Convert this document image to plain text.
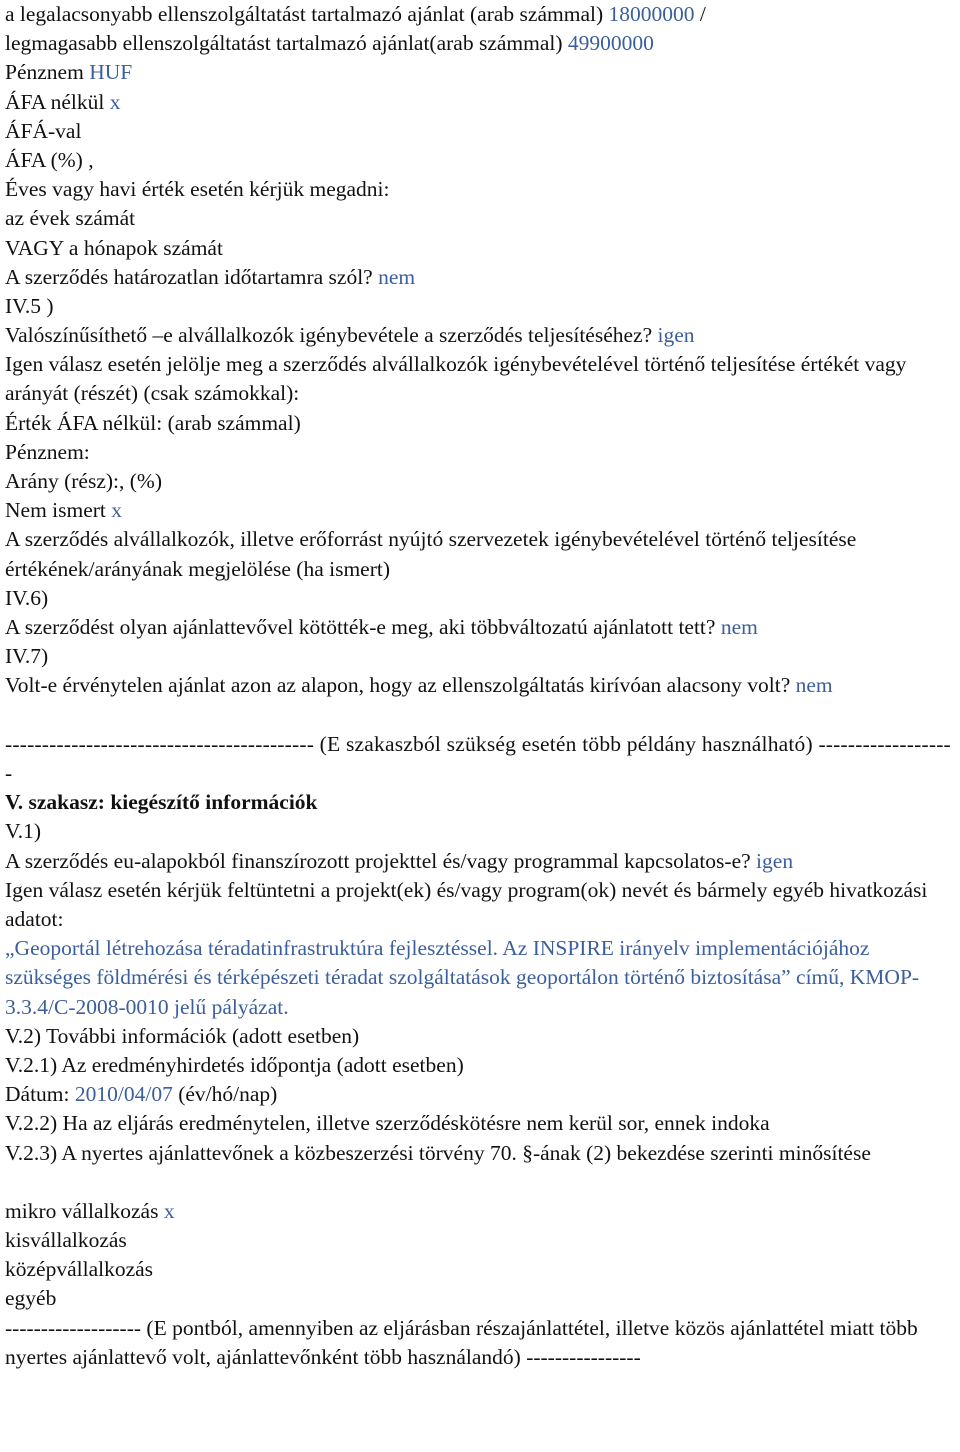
a legalacsonyabb ellenszolgáltatást tartalmazó ajánlat (arab számmal) 18000000 /
legmagasabb ellenszolgáltatást tartalmazó ajánlat(arab számmal) 49900000
Pénznem HUF
ÁFA nélkül x
ÁFÁ-val
ÁFA (%) ,
Éves vagy havi érték esetén kérjük megadni:
az évek számát
VAGY a hónapok számát
A szerződés határozatlan időtartamra szól? nem
IV.5 )
Valószínűsíthető –e alvállalkozók igénybevétele a szerződés teljesítéséhez? igen
Igen válasz esetén jelölje meg a szerződés alvállalkozók igénybevételével történő teljesítése értékét vagy arányát (részét) (csak számokkal):
Érték ÁFA nélkül: (arab számmal)
Pénznem:
Arány (rész):, (%)
Nem ismert x
A szerződés alvállalkozók, illetve erőforrást nyújtó szervezetek igénybevételével történő teljesítése értékének/arányának megjelölése (ha ismert)
IV.6)
A szerződést olyan ajánlattevővel kötötték-e meg, aki többváltozatú ajánlatott tett? nem
IV.7)
Volt-e érvénytelen ajánlat azon az alapon, hogy az ellenszolgáltatás kirívóan alacsony volt? nem
------------------------------------------ (E szakaszból szükség esetén több példány használható) -------------------
V. szakasz: kiegészítő információk
V.1)
A szerződés eu-alapokból finanszírozott projekttel és/vagy programmal kapcsolatos-e? igen
Igen válasz esetén kérjük feltüntetni a projekt(ek) és/vagy program(ok) nevét és bármely egyéb hivatkozási adatot:
„Geoportál létrehozása téradatinfrastruktúra fejlesztéssel. Az INSPIRE irányelv implementációjához szükséges földmérési és térképészeti téradat szolgáltatások geoportálon történő biztosítása” című, KMOP-3.3.4/C-2008-0010 jelű pályázat.
V.2) További információk (adott esetben)
V.2.1) Az eredményhirdetés időpontja (adott esetben)
Dátum: 2010/04/07 (év/hó/nap)
V.2.2) Ha az eljárás eredménytelen, illetve szerződéskötésre nem kerül sor, ennek indoka
V.2.3) A nyertes ajánlattevőnek a közbeszerzési törvény 70. §-ának (2) bekezdése szerinti minősítése
mikro vállalkozás x
kisvállalkozás
középvállalkozás
egyéb
------------------- (E pontból, amennyiben az eljárásban részajánlattétel, illetve közös ajánlattétel miatt több nyertes ajánlattevő volt, ajánlattevőnként több használandó) ----------------
